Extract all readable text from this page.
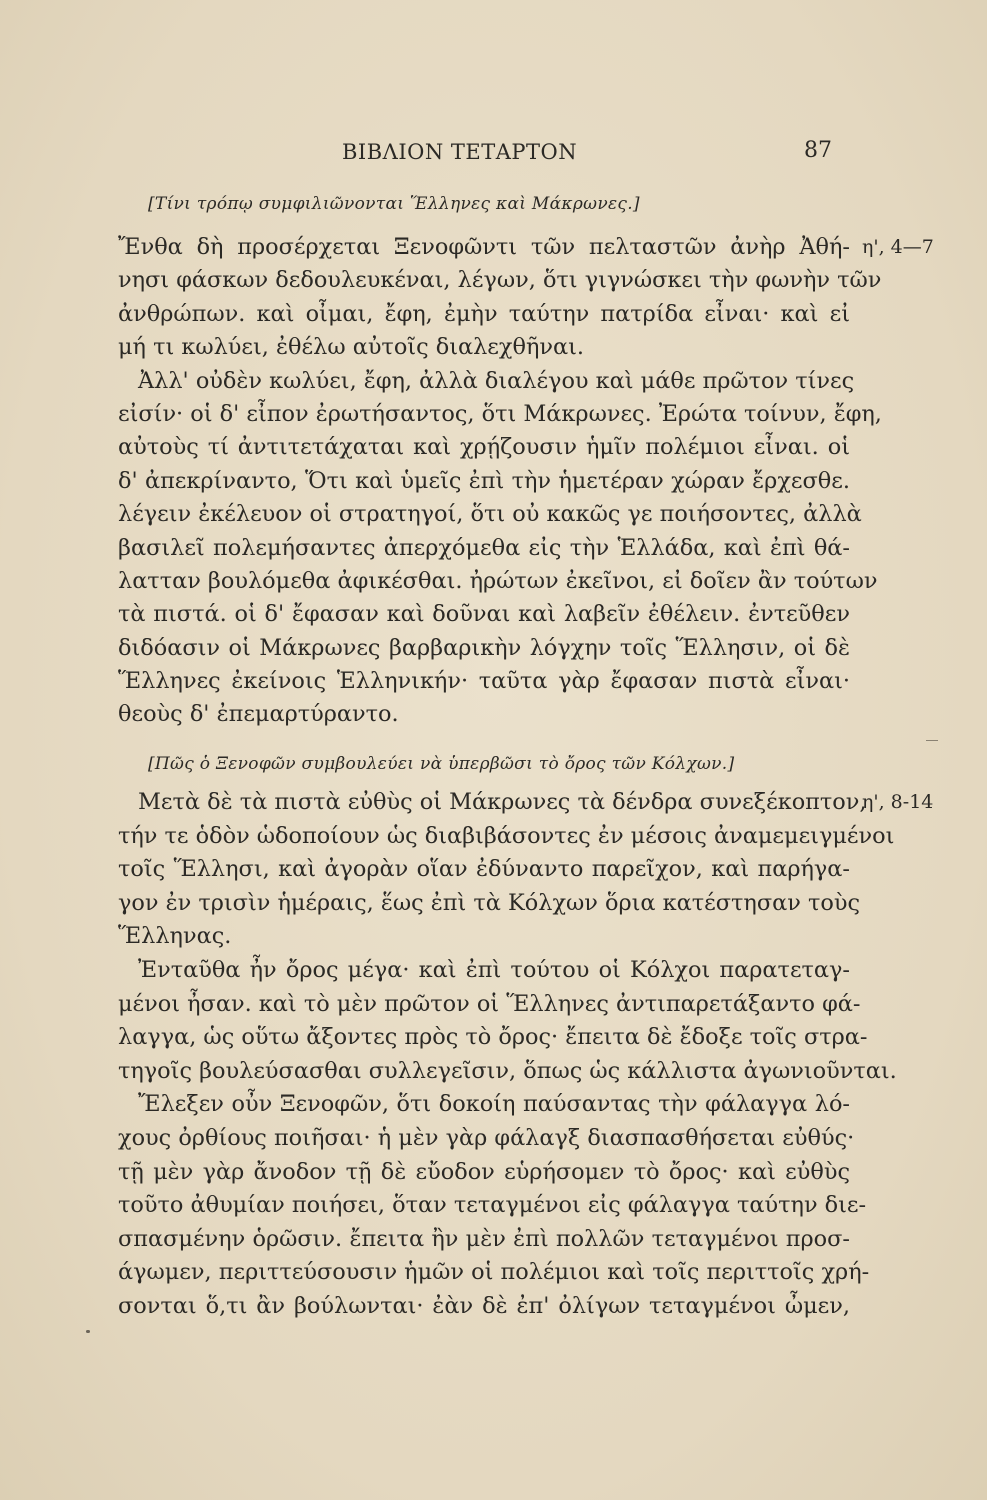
ΒΙΒΛΙΟΝ ΤΕΤΑΡΤΟΝ	87
[Τίνι τρόπῳ συμφιλιῶνονται Ἕλληνες καὶ Μάκρωνες.]
η', 4—7
Ἔνθα δὴ προσέρχεται Ξενοφῶντι τῶν πελταστῶν ἀνὴρ Ἀθή-
νησι φάσκων δεδουλευκέναι, λέγων, ὅτι γιγνώσκει τὴν φωνὴν τῶν
ἀνθρώπων. καὶ οἶμαι, ἔφη, ἐμὴν ταύτην πατρίδα εἶναι· καὶ εἰ
μή τι κωλύει, ἐθέλω αὐτοῖς διαλεχθῆναι.
Ἀλλ' οὐδὲν κωλύει, ἔφη, ἀλλὰ διαλέγου καὶ μάθε πρῶτον τίνες
εἰσίν· οἱ δ' εἶπον ἐρωτήσαντος, ὅτι Μάκρωνες. Ἐρώτα τοίνυν, ἔφη,
αὐτοὺς τί ἀντιτετάχαται καὶ χρῄζουσιν ἡμῖν πολέμιοι εἶναι. οἱ
δ' ἀπεκρίναντο, Ὅτι καὶ ὑμεῖς ἐπὶ τὴν ἡμετέραν χώραν ἔρχεσθε.
λέγειν ἐκέλευον οἱ στρατηγοί, ὅτι οὐ κακῶς γε ποιήσοντες, ἀλλὰ
βασιλεῖ πολεμήσαντες ἀπερχόμεθα εἰς τὴν Ἑλλάδα, καὶ ἐπὶ θά-
λατταν βουλόμεθα ἀφικέσθαι. ἠρώτων ἐκεῖνοι, εἰ δοῖεν ἂν τούτων
τὰ πιστά. οἱ δ' ἔφασαν καὶ δοῦναι καὶ λαβεῖν ἐθέλειν. ἐντεῦθεν
διδόασιν οἱ Μάκρωνες βαρβαρικὴν λόγχην τοῖς Ἕλλησιν, οἱ δὲ
Ἕλληνες ἐκείνοις Ἑλληνικήν· ταῦτα γὰρ ἔφασαν πιστὰ εἶναι·
θεοὺς δ' ἐπεμαρτύραντο.
[Πῶς ὁ Ξενοφῶν συμβουλεύει νὰ ὑπερβῶσι τὸ ὄρος τῶν Κόλχων.]
η', 8-14
Μετὰ δὲ τὰ πιστὰ εὐθὺς οἱ Μάκρωνες τὰ δένδρα συνεξέκοπτον,
τήν τε ὁδὸν ὡδοποίουν ὡς διαβιβάσοντες ἐν μέσοις ἀναμεμειγμένοι
τοῖς Ἕλλησι, καὶ ἀγορὰν οἵαν ἐδύναντο παρεῖχον, καὶ παρήγα-
γον ἐν τρισὶν ἡμέραις, ἕως ἐπὶ τὰ Κόλχων ὅρια κατέστησαν τοὺς
Ἕλληνας.
Ἐνταῦθα ἦν ὄρος μέγα· καὶ ἐπὶ τούτου οἱ Κόλχοι παρατεταγ-
μένοι ἦσαν. καὶ τὸ μὲν πρῶτον οἱ Ἕλληνες ἀντιπαρετάξαντο φά-
λαγγα, ὡς οὕτω ἄξοντες πρὸς τὸ ὄρος· ἔπειτα δὲ ἔδοξε τοῖς στρα-
τηγοῖς βουλεύσασθαι συλλεγεῖσιν, ὅπως ὡς κάλλιστα ἀγωνιοῦνται.
Ἔλεξεν οὖν Ξενοφῶν, ὅτι δοκοίη παύσαντας τὴν φάλαγγα λό-
χους ὀρθίους ποιῆσαι· ἡ μὲν γὰρ φάλαγξ διασπασθήσεται εὐθύς·
τῇ μὲν γὰρ ἄνοδον τῇ δὲ εὔοδον εὑρήσομεν τὸ ὄρος· καὶ εὐθὺς
τοῦτο ἀθυμίαν ποιήσει, ὅταν τεταγμένοι εἰς φάλαγγα ταύτην διε-
σπασμένην ὁρῶσιν. ἔπειτα ἢν μὲν ἐπὶ πολλῶν τεταγμένοι προσ-
άγωμεν, περιττεύσουσιν ἡμῶν οἱ πολέμιοι καὶ τοῖς περιττοῖς χρή-
σονται ὅ,τι ἂν βούλωνται· ἐὰν δὲ ἐπ' ὀλίγων τεταγμένοι ὦμεν,
